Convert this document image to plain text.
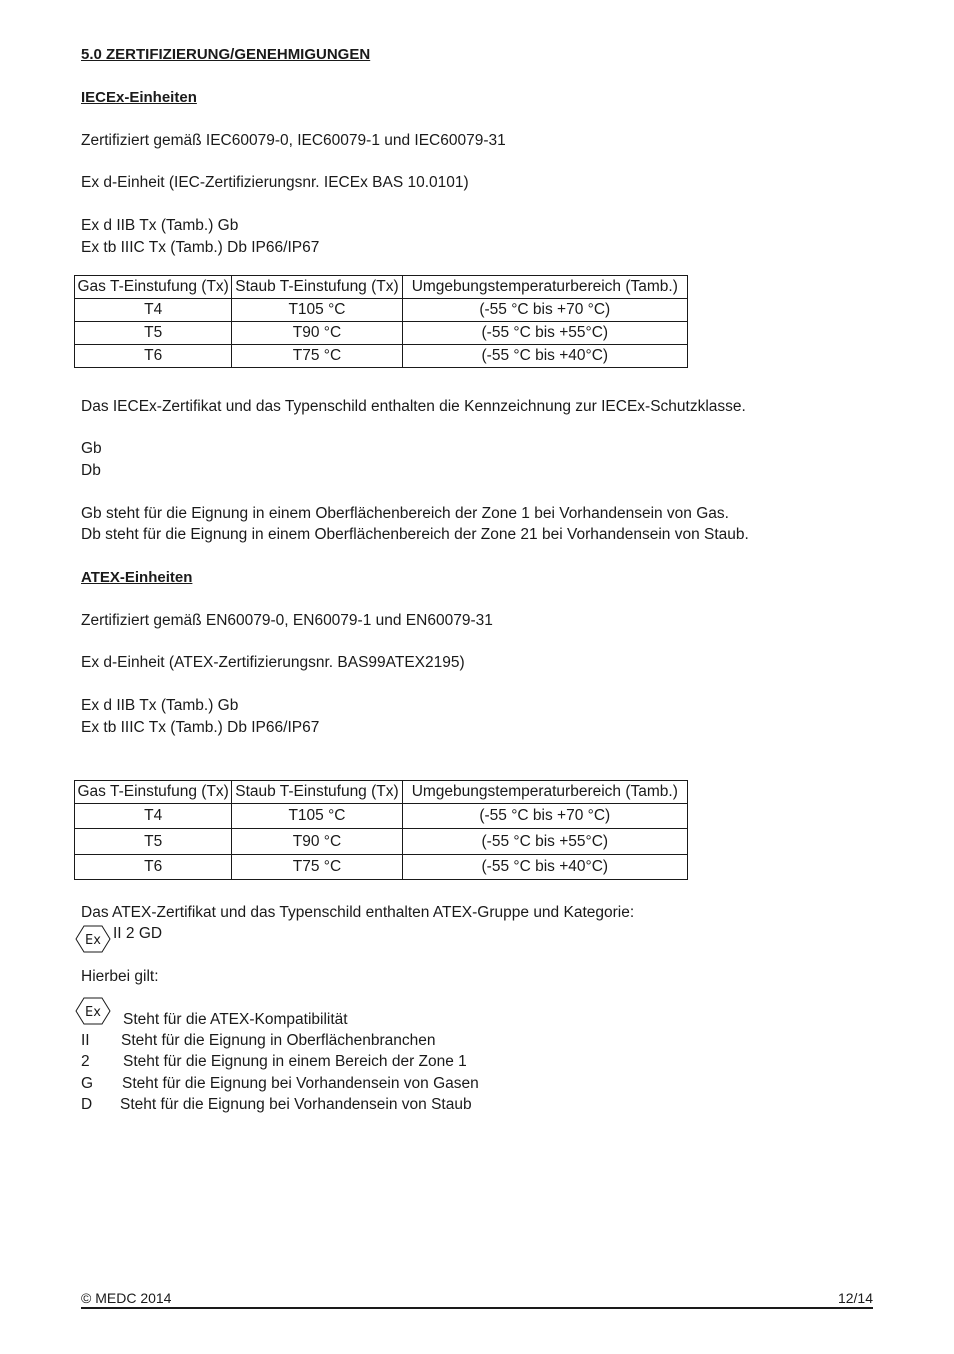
5.0 ZERTIFIZIERUNG/GENEHMIGUNGEN
IECEx-Einheiten
Zertifiziert gemäß IEC60079-0, IEC60079-1 und IEC60079-31
Ex d-Einheit (IEC-Zertifizierungsnr. IECEx BAS 10.0101)
Ex d IIB Tx (Tamb.) Gb
Ex tb IIIC Tx (Tamb.) Db IP66/IP67
Gas T-Einstufung (Tx)	Staub T-Einstufung (Tx)	Umgebungstemperaturbereich (Tamb.)
T4	T105 °C	(-55 °C bis +70 °C)
T5	T90 °C	(-55 °C bis +55°C)
T6	T75 °C	(-55 °C bis +40°C)
Das IECEx-Zertifikat und das Typenschild enthalten die Kennzeichnung zur IECEx-Schutzklasse.
Gb
Db
Gb steht für die Eignung in einem Oberflächenbereich der Zone 1 bei Vorhandensein von Gas.
Db steht für die Eignung in einem Oberflächenbereich der Zone 21 bei Vorhandensein von Staub.
ATEX-Einheiten
Zertifiziert gemäß EN60079-0, EN60079-1 und EN60079-31
Ex d-Einheit (ATEX-Zertifizierungsnr. BAS99ATEX2195)
Ex d IIB Tx (Tamb.) Gb
Ex tb IIIC Tx (Tamb.) Db IP66/IP67
Gas T-Einstufung (Tx)	Staub T-Einstufung (Tx)	Umgebungstemperaturbereich (Tamb.)
T4	T105 °C	(-55 °C bis +70 °C)
T5	T90 °C	(-55 °C bis +55°C)
T6	T75 °C	(-55 °C bis +40°C)
Das ATEX-Zertifikat und das Typenschild enthalten ATEX-Gruppe und Kategorie:
Ex II 2 GD
Hierbei gilt:
Ex Steht für die ATEX-Kompatibilität
II Steht für die Eignung in Oberflächenbranchen
2 Steht für die Eignung in einem Bereich der Zone 1
G Steht für die Eignung bei Vorhandensein von Gasen
D Steht für die Eignung bei Vorhandensein von Staub
© MEDC 2014	12/14
